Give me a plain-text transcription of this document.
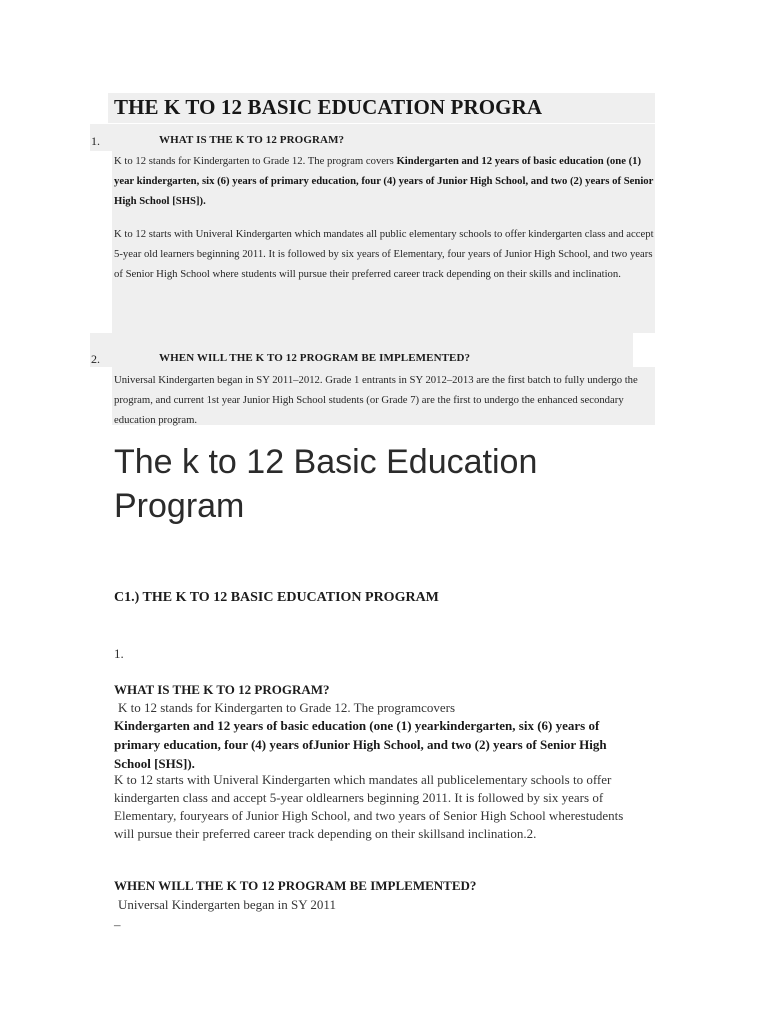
THE K TO 12 BASIC EDUCATION PROGRA
1.	WHAT IS THE K TO 12 PROGRAM?

K to 12 stands for Kindergarten to Grade 12. The program covers Kindergarten and 12 years of basic education (one (1) year kindergarten, six (6) years of primary education, four (4) years of Junior High School, and two (2) years of Senior High School [SHS]).

K to 12 starts with Univeral Kindergarten which mandates all public elementary schools to offer kindergarten class and accept 5-year old learners beginning 2011. It is followed by six years of Elementary, four years of Junior High School, and two years of Senior High School where students will pursue their preferred career track depending on their skills and inclination.

2.	WHEN WILL THE K TO 12 PROGRAM BE IMPLEMENTED?

Universal Kindergarten began in SY 2011–2012. Grade 1 entrants in SY 2012–2013 are the first batch to fully undergo the program, and current 1st year Junior High School students (or Grade 7) are the first to undergo the enhanced secondary education program.

The k to 12 Basic Education Program
C1.) THE K TO 12 BASIC EDUCATION PROGRAM
1.
WHAT IS THE K TO 12 PROGRAM?

K to 12 stands for Kindergarten to Grade 12. The programcovers

Kindergarten and 12 years of basic education (one (1) yearkindergarten, six (6) years of primary education, four (4) years ofJunior High School, and two (2) years of Senior High School [SHS]).

K to 12 starts with Univeral Kindergarten which mandates all publicelementary schools to offer kindergarten class and accept 5-year oldlearners beginning 2011. It is followed by six years of Elementary, fouryears of Junior High School, and two years of Senior High School wherestudents will pursue their preferred career track depending on their skillsand inclination.2.

WHEN WILL THE K TO 12 PROGRAM BE IMPLEMENTED?

Universal Kindergarten began in SY 2011

–
